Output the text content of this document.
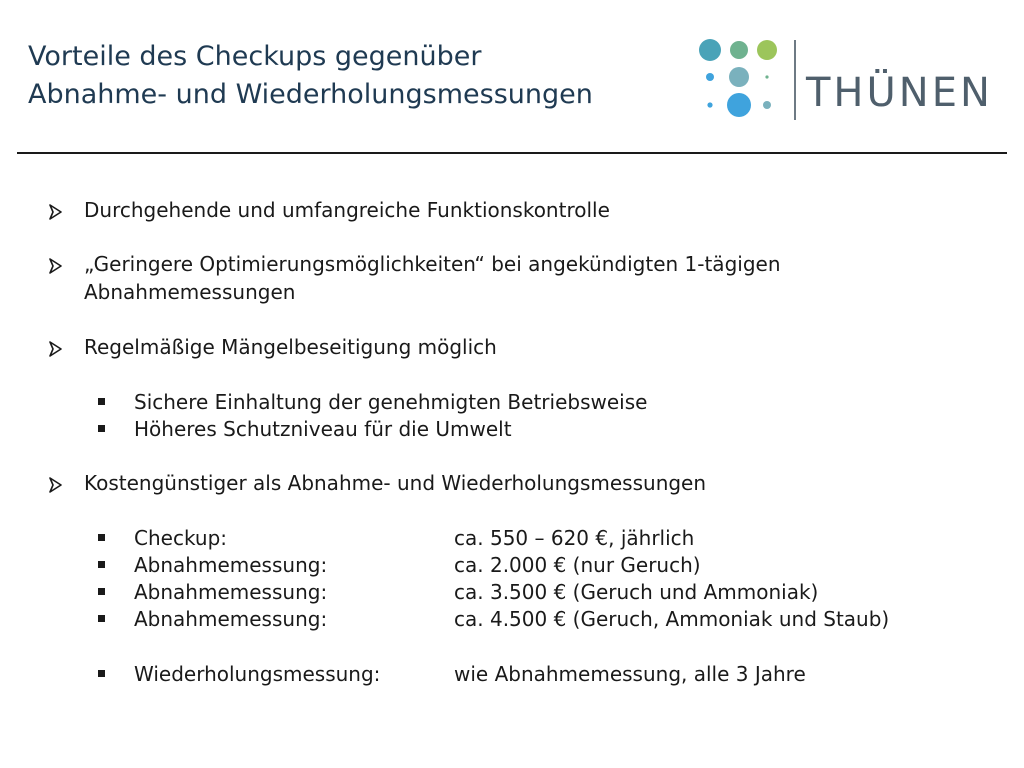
Vorteile des Checkups gegenüber
Abnahme- und Wiederholungsmessungen	THÜNEN
Durchgehende und umfangreiche Funktionskontrolle
„Geringere Optimierungsmöglichkeiten“ bei angekündigten 1-tägigen
Abnahmemessungen
Regelmäßige Mängelbeseitigung möglich
Sichere Einhaltung der genehmigten Betriebsweise
Höheres Schutzniveau für die Umwelt
Kostengünstiger als Abnahme- und Wiederholungsmessungen
Checkup:	ca. 550 – 620 €, jährlich
Abnahmemessung:	ca. 2.000 € (nur Geruch)
Abnahmemessung:	ca. 3.500 € (Geruch und Ammoniak)
Abnahmemessung:	ca. 4.500 € (Geruch, Ammoniak und Staub)
Wiederholungsmessung:	wie Abnahmemessung, alle 3 Jahre
